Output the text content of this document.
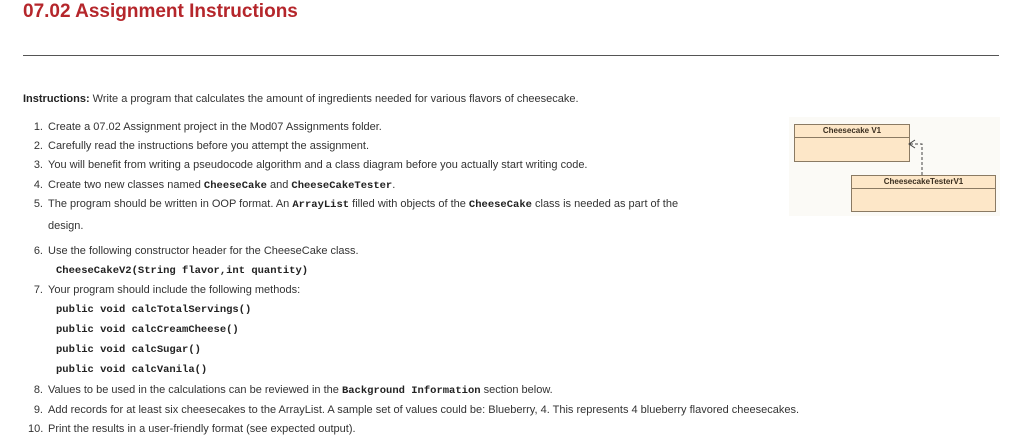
07.02 Assignment Instructions
Instructions: Write a program that calculates the amount of ingredients needed for various flavors of cheesecake.
1. Create a 07.02 Assignment project in the Mod07 Assignments folder.
2. Carefully read the instructions before you attempt the assignment.
3. You will benefit from writing a pseudocode algorithm and a class diagram before you actually start writing code.
4. Create two new classes named CheeseCake and CheeseCakeTester.
5. The program should be written in OOP format. An ArrayList filled with objects of the CheeseCake class is needed as part of the
design.
6. Use the following constructor header for the CheeseCake class.
CheeseCakeV2(String flavor,int quantity)
7. Your program should include the following methods:
public void calcTotalServings()
public void calcCreamCheese()
public void calcSugar()
public void calcVanila()
8. Values to be used in the calculations can be reviewed in the Background Information section below.
9. Add records for at least six cheesecakes to the ArrayList. A sample set of values could be: Blueberry, 4. This represents 4 blueberry flavored cheesecakes.
10. Print the results in a user-friendly format (see expected output).
Cheesecake V1
CheesecakeTesterV1
